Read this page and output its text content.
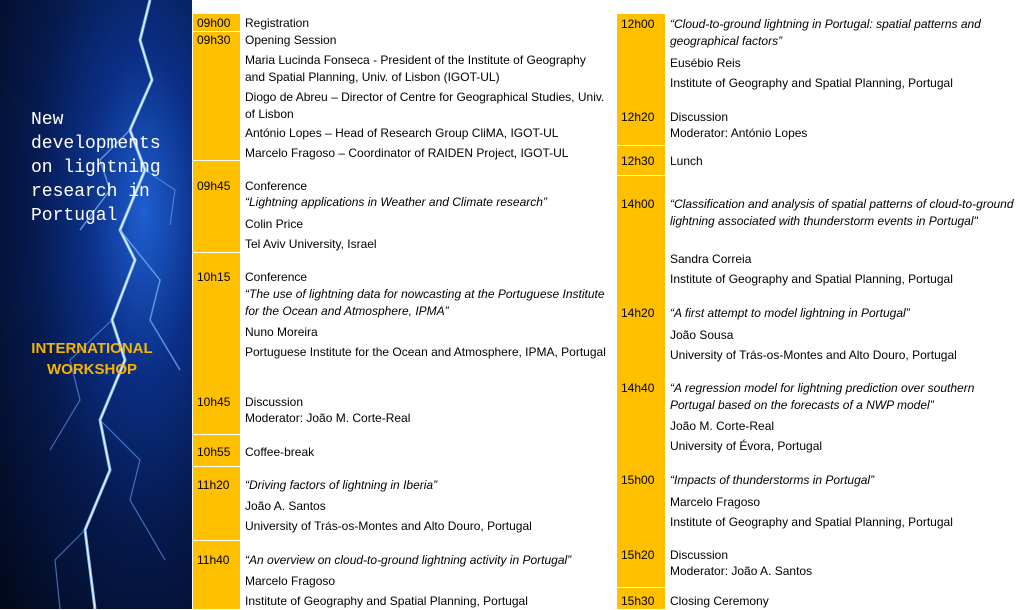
New
developments
on lightning
research in
Portugal
INTERNATIONAL
WORKSHOP
09h00 Registration
09h30 Opening Session
Maria Lucinda Fonseca - President of the Institute of Geography and Spatial Planning, Univ. of Lisbon (IGOT-UL)
Diogo de Abreu – Director of Centre for Geographical Studies, Univ. of Lisbon
António Lopes – Head of Research Group CliMA, IGOT-UL
Marcelo Fragoso – Coordinator of RAIDEN Project, IGOT-UL
09h45 Conference
“Lightning applications in Weather and Climate research”
Colin Price
Tel Aviv University, Israel
10h15 Conference
“The use of lightning data for nowcasting at the Portuguese Institute for the Ocean and Atmosphere, IPMA”
Nuno Moreira
Portuguese Institute for the Ocean and Atmosphere, IPMA, Portugal
10h45 Discussion
Moderator: João M. Corte-Real
10h55 Coffee-break
11h20 “Driving factors of lightning in Iberia”
João A. Santos
University of Trás-os-Montes and Alto Douro, Portugal
11h40 “An overview on cloud-to-ground lightning activity in Portugal”
Marcelo Fragoso
Institute of Geography and Spatial Planning, Portugal
12h00 “Cloud-to-ground lightning in Portugal: spatial patterns and geographical factors”
Eusébio Reis
Institute of Geography and Spatial Planning, Portugal
12h20 Discussion
Moderator: António Lopes
12h30 Lunch
14h00 “Classification and analysis of spatial patterns of cloud-to-ground lightning associated with thunderstorm events in Portugal"
Sandra Correia
Institute of Geography and Spatial Planning, Portugal
14h20 “A first attempt to model lightning in Portugal”
João Sousa
University of Trás-os-Montes and Alto Douro, Portugal
14h40 “A regression model for lightning prediction over southern Portugal based on the forecasts of a NWP model”
João M. Corte-Real
University of Évora, Portugal
15h00 “Impacts of thunderstorms in Portugal”
Marcelo Fragoso
Institute of Geography and Spatial Planning, Portugal
15h20 Discussion
Moderator: João A. Santos
15h30 Closing Ceremony
